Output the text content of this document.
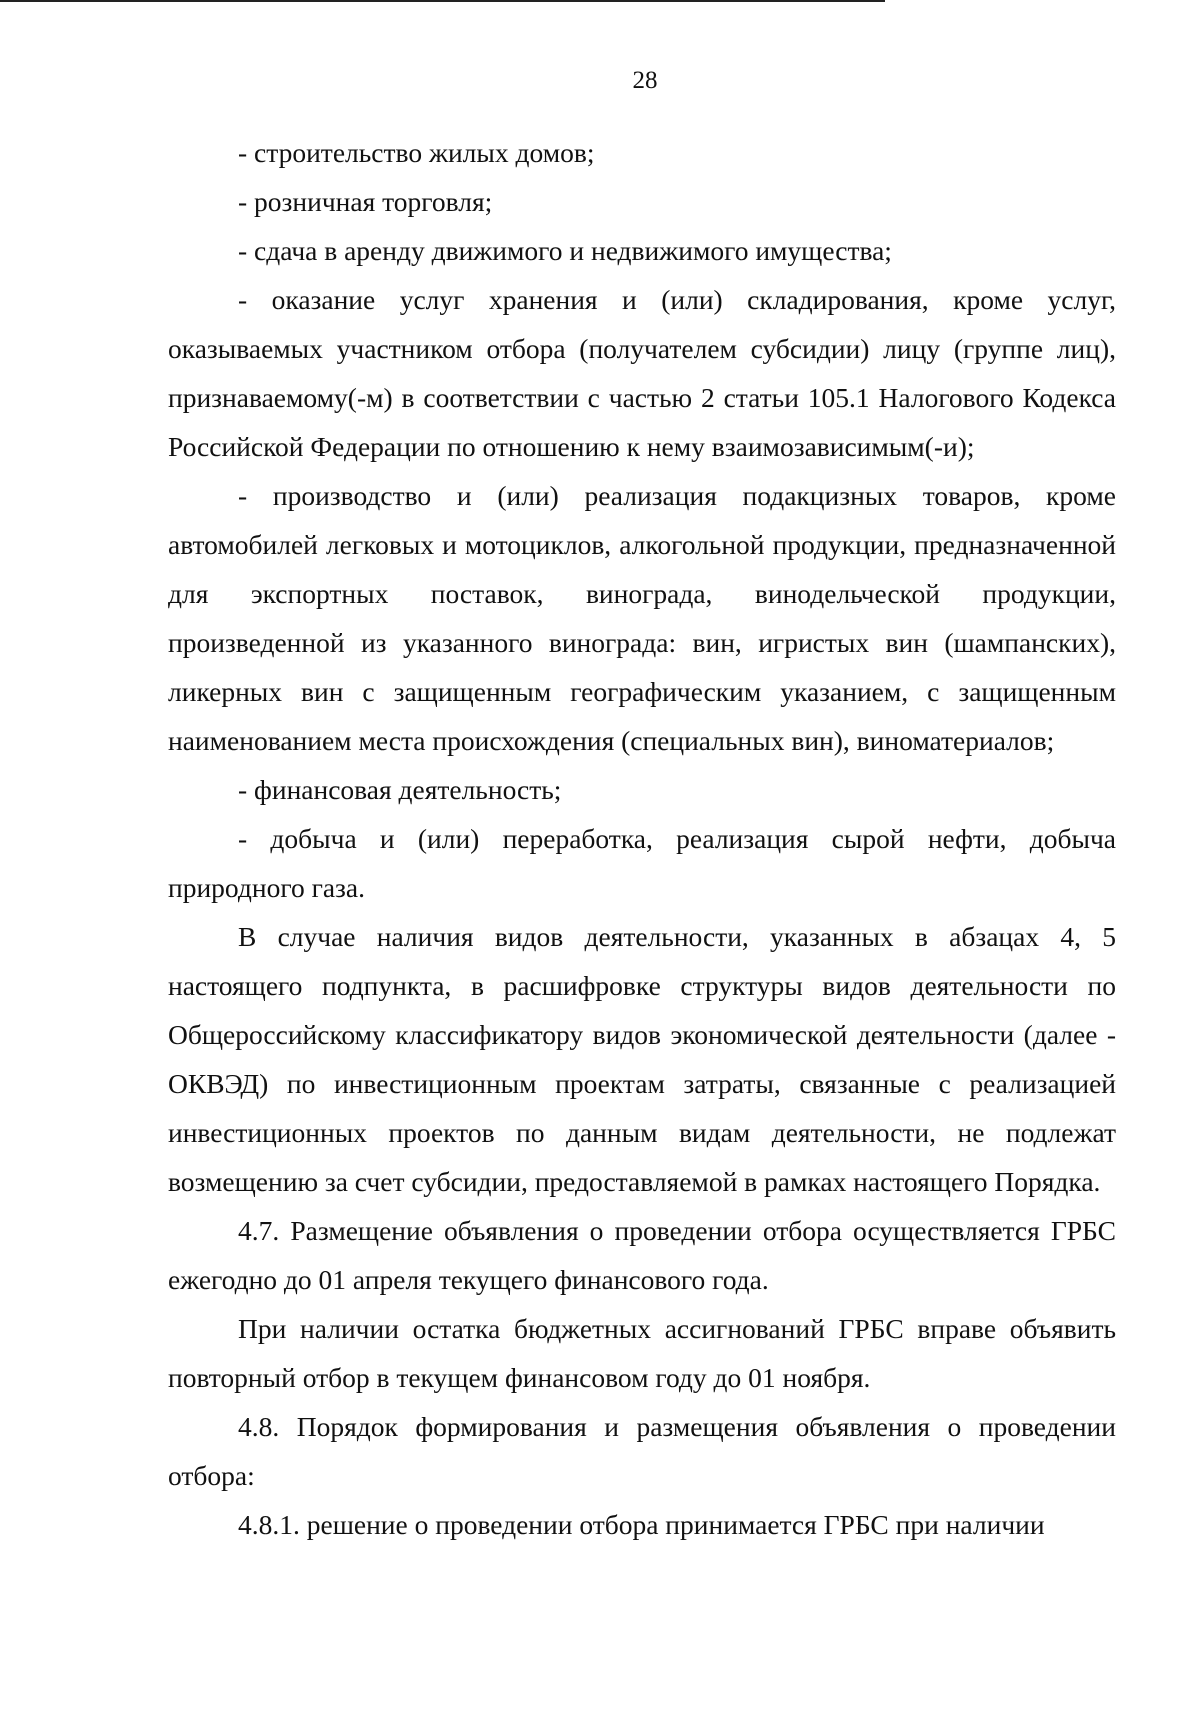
28

- строительство жилых домов;

- розничная торговля;

- сдача в аренду движимого и недвижимого имущества;

- оказание услуг хранения и (или) складирования, кроме услуг, оказываемых участником отбора (получателем субсидии) лицу (группе лиц), признаваемому(-м) в соответствии с частью 2 статьи 105.1 Налогового Кодекса Российской Федерации по отношению к нему взаимозависимым(-и);

- производство и (или) реализация подакцизных товаров, кроме автомобилей легковых и мотоциклов, алкогольной продукции, предназначенной для экспортных поставок, винограда, винодельческой продукции, произведенной из указанного винограда: вин, игристых вин (шампанских), ликерных вин с защищенным географическим указанием, с защищенным наименованием места происхождения (специальных вин), виноматериалов;

- финансовая деятельность;

- добыча и (или) переработка, реализация сырой нефти, добыча природного газа.

В случае наличия видов деятельности, указанных в абзацах 4, 5 настоящего подпункта, в расшифровке структуры видов деятельности по Общероссийскому классификатору видов экономической деятельности (далее - ОКВЭД) по инвестиционным проектам затраты, связанные с реализацией инвестиционных проектов по данным видам деятельности, не подлежат возмещению за счет субсидии, предоставляемой в рамках настоящего Порядка.

4.7. Размещение объявления о проведении отбора осуществляется ГРБС ежегодно до 01 апреля текущего финансового года.

При наличии остатка бюджетных ассигнований ГРБС вправе объявить повторный отбор в текущем финансовом году до 01 ноября.

4.8. Порядок формирования и размещения объявления о проведении отбора:

4.8.1. решение о проведении отбора принимается ГРБС при наличии
